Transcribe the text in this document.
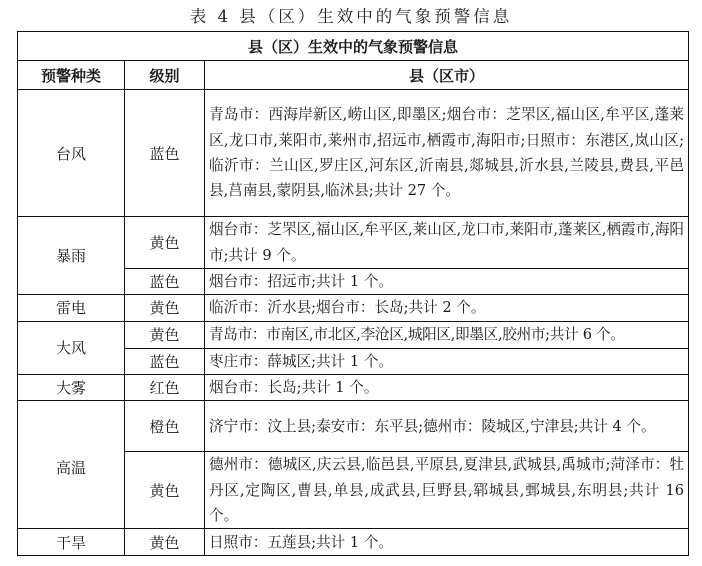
表 4 县（区）生效中的气象预警信息
县（区）生效中的气象预警信息		
预警种类	级别	县（区市）
台风	蓝色	青岛市：西海岸新区,崂山区,即墨区;烟台市：芝罘区,福山区,牟平区,蓬莱区,龙口市,莱阳市,莱州市,招远市,栖霞市,海阳市;日照市：东港区,岚山区;临沂市：兰山区,罗庄区,河东区,沂南县,郯城县,沂水县,兰陵县,费县,平邑县,莒南县,蒙阴县,临沭县;共计 27 个。
暴雨	黄色	烟台市：芝罘区,福山区,牟平区,莱山区,龙口市,莱阳市,蓬莱区,栖霞市,海阳市;共计 9 个。
	蓝色	烟台市：招远市;共计 1 个。
雷电	黄色	临沂市：沂水县;烟台市：长岛;共计 2 个。
大风	黄色	青岛市：市南区,市北区,李沧区,城阳区,即墨区,胶州市;共计 6 个。
	蓝色	枣庄市：薛城区;共计 1 个。
大雾	红色	烟台市：长岛;共计 1 个。
高温	橙色	济宁市：汶上县;泰安市：东平县;德州市：陵城区,宁津县;共计 4 个。
	黄色	德州市：德城区,庆云县,临邑县,平原县,夏津县,武城县,禹城市;菏泽市：牡丹区,定陶区,曹县,单县,成武县,巨野县,郓城县,鄄城县,东明县;共计 16 个。
干旱	黄色	日照市：五莲县;共计 1 个。
